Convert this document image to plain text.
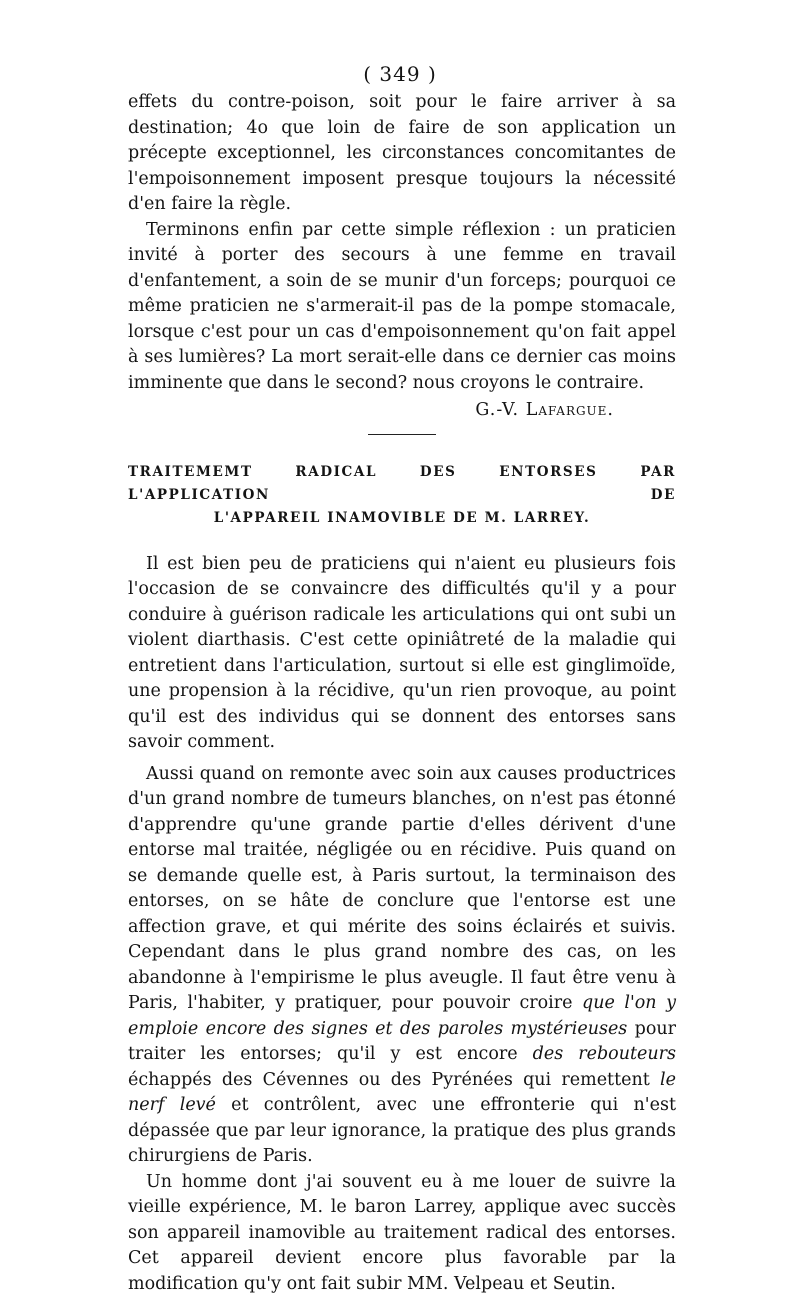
( 349 )

effets du contre-poison, soit pour le faire arriver à sa destination; 4o que loin de faire de son application un précepte exceptionnel, les circonstances concomitantes de l'empoisonnement imposent presque toujours la nécessité d'en faire la règle.

Terminons enfin par cette simple réflexion : un praticien invité à porter des secours à une femme en travail d'enfantement, a soin de se munir d'un forceps; pourquoi ce même praticien ne s'armerait-il pas de la pompe stomacale, lorsque c'est pour un cas d'empoisonnement qu'on fait appel à ses lumières? La mort serait-elle dans ce dernier cas moins imminente que dans le second? nous croyons le contraire.

G.-V. Lafargue.
TRAITEMEMT RADICAL DES ENTORSES PAR L'APPLICATION DE
L'APPAREIL INAMOVIBLE DE M. LARREY.

Il est bien peu de praticiens qui n'aient eu plusieurs fois l'occasion de se convaincre des difficultés qu'il y a pour conduire à guérison radicale les articulations qui ont subi un violent diarthasis. C'est cette opiniâtreté de la maladie qui entretient dans l'articulation, surtout si elle est ginglimoïde, une propension à la récidive, qu'un rien provoque, au point qu'il est des individus qui se donnent des entorses sans savoir comment.

Aussi quand on remonte avec soin aux causes productrices d'un grand nombre de tumeurs blanches, on n'est pas étonné d'apprendre qu'une grande partie d'elles dérivent d'une entorse mal traitée, négligée ou en récidive. Puis quand on se demande quelle est, à Paris surtout, la terminaison des entorses, on se hâte de conclure que l'entorse est une affection grave, et qui mérite des soins éclairés et suivis. Cependant dans le plus grand nombre des cas, on les abandonne à l'empirisme le plus aveugle. Il faut être venu à Paris, l'habiter, y pratiquer, pour pouvoir croire que l'on y emploie encore des signes et des paroles mystérieuses pour traiter les entorses; qu'il y est encore des rebouteurs échappés des Cévennes ou des Pyrénées qui remettent le nerf levé et contrôlent, avec une effronterie qui n'est dépassée que par leur ignorance, la pratique des plus grands chirurgiens de Paris.

Un homme dont j'ai souvent eu à me louer de suivre la vieille expérience, M. le baron Larrey, applique avec succès son appareil inamovible au traitement radical des entorses. Cet appareil devient encore plus favorable par la modification qu'y ont fait subir MM. Velpeau et Seutin.
